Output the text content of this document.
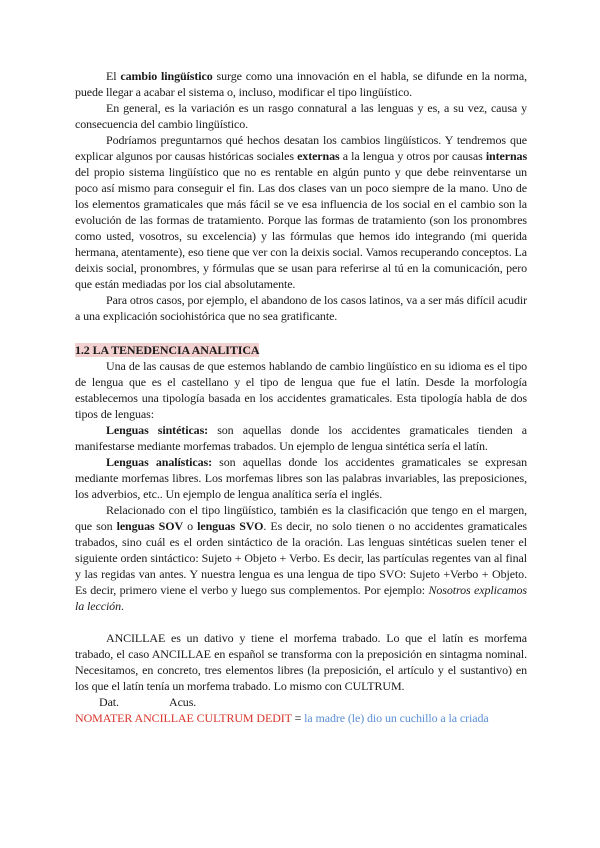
El cambio lingüístico surge como una innovación en el habla, se difunde en la norma, puede llegar a acabar el sistema o, incluso, modificar el tipo lingüístico.

En general, es la variación es un rasgo connatural a las lenguas y es, a su vez, causa y consecuencia del cambio lingüístico.

Podríamos preguntarnos qué hechos desatan los cambios lingüísticos. Y tendremos que explicar algunos por causas históricas sociales externas a la lengua y otros por causas internas del propio sistema lingüístico que no es rentable en algún punto y que debe reinventarse un poco así mismo para conseguir el fin. Las dos clases van un poco siempre de la mano. Uno de los elementos gramaticales que más fácil se ve esa influencia de los social en el cambio son la evolución de las formas de tratamiento. Porque las formas de tratamiento (son los pronombres como usted, vosotros, su excelencia) y las fórmulas que hemos ido integrando (mi querida hermana, atentamente), eso tiene que ver con la deixis social. Vamos recuperando conceptos. La deixis social, pronombres, y fórmulas que se usan para referirse al tú en la comunicación, pero que están mediadas por los cial absolutamente.

Para otros casos, por ejemplo, el abandono de los casos latinos, va a ser más difícil acudir a una explicación sociohistórica que no sea gratificante.

1.2 LA TENEDENCIA ANALITICA

Una de las causas de que estemos hablando de cambio lingüístico en su idioma es el tipo de lengua que es el castellano y el tipo de lengua que fue el latín. Desde la morfología establecemos una tipología basada en los accidentes gramaticales. Esta tipología habla de dos tipos de lenguas:

Lenguas sintéticas: son aquellas donde los accidentes gramaticales tienden a manifestarse mediante morfemas trabados. Un ejemplo de lengua sintética sería el latín.

Lenguas analísticas: son aquellas donde los accidentes gramaticales se expresan mediante morfemas libres. Los morfemas libres son las palabras invariables, las preposiciones, los adverbios, etc.. Un ejemplo de lengua analítica sería el inglés.

Relacionado con el tipo lingüístico, también es la clasificación que tengo en el margen, que son lenguas SOV o lenguas SVO. Es decir, no solo tienen o no accidentes gramaticales trabados, sino cuál es el orden sintáctico de la oración. Las lenguas sintéticas suelen tener el siguiente orden sintáctico: Sujeto + Objeto + Verbo. Es decir, las partículas regentes van al final y las regidas van antes. Y nuestra lengua es una lengua de tipo SVO: Sujeto +Verbo + Objeto. Es decir, primero viene el verbo y luego sus complementos. Por ejemplo: Nosotros explicamos la lección.

ANCILLAE es un dativo y tiene el morfema trabado. Lo que el latín es morfema trabado, el caso ANCILLAE en español se transforma con la preposición en sintagma nominal. Necesitamos, en concreto, tres elementos libres (la preposición, el artículo y el sustantivo) en los que el latín tenía un morfema trabado. Lo mismo con CULTRUM.

Dat.	Acus.

NOMATER ANCILLAE CULTRUM DEDIT = la madre (le) dio un cuchillo a la criada
